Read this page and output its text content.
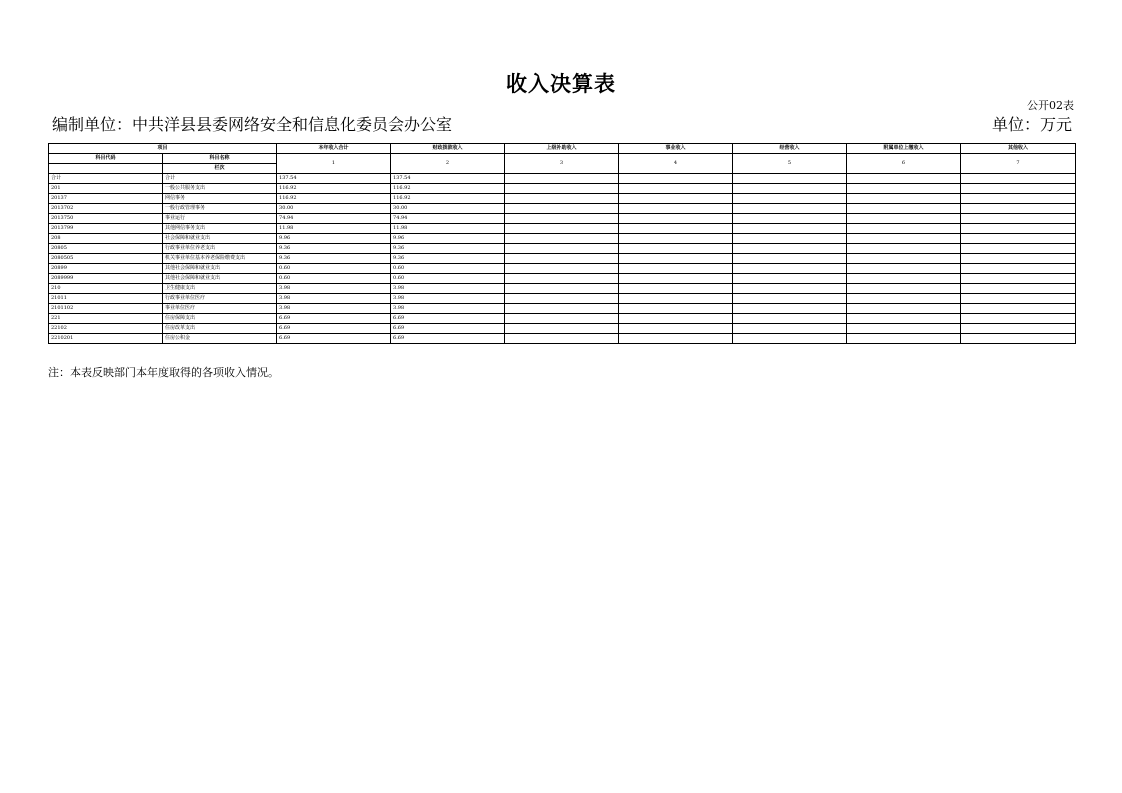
收入决算表
公开02表
编制单位：中共洋县县委网络安全和信息化委员会办公室	单位：万元
项目		本年收入合计	财政拨款收入	上级补助收入	事业收入	经营收入	附属单位上缴收入	其他收入
科目代码	科目名称	1	2	3	4	5	6	7
	栏次							
合计	合计	137.54	137.54					
201	一般公共服务支出	116.92	116.92					
20137	网信事务	116.92	116.92					
2013702	一般行政管理事务	30.00	30.00					
2013750	事业运行	74.94	74.94					
2013799	其他网信事务支出	11.98	11.98					
208	社会保障和就业支出	9.96	9.96					
20805	行政事业单位养老支出	9.36	9.36					
2080505	机关事业单位基本养老保险缴费支出	9.36	9.36					
20899	其他社会保障和就业支出	0.60	0.60					
2089999	其他社会保障和就业支出	0.60	0.60					
210	卫生健康支出	3.98	3.98					
21011	行政事业单位医疗	3.98	3.98					
2101102	事业单位医疗	3.98	3.98					
221	住房保障支出	6.69	6.69					
22102	住房改革支出	6.69	6.69					
2210201	住房公积金	6.69	6.69					
注：本表反映部门本年度取得的各项收入情况。
